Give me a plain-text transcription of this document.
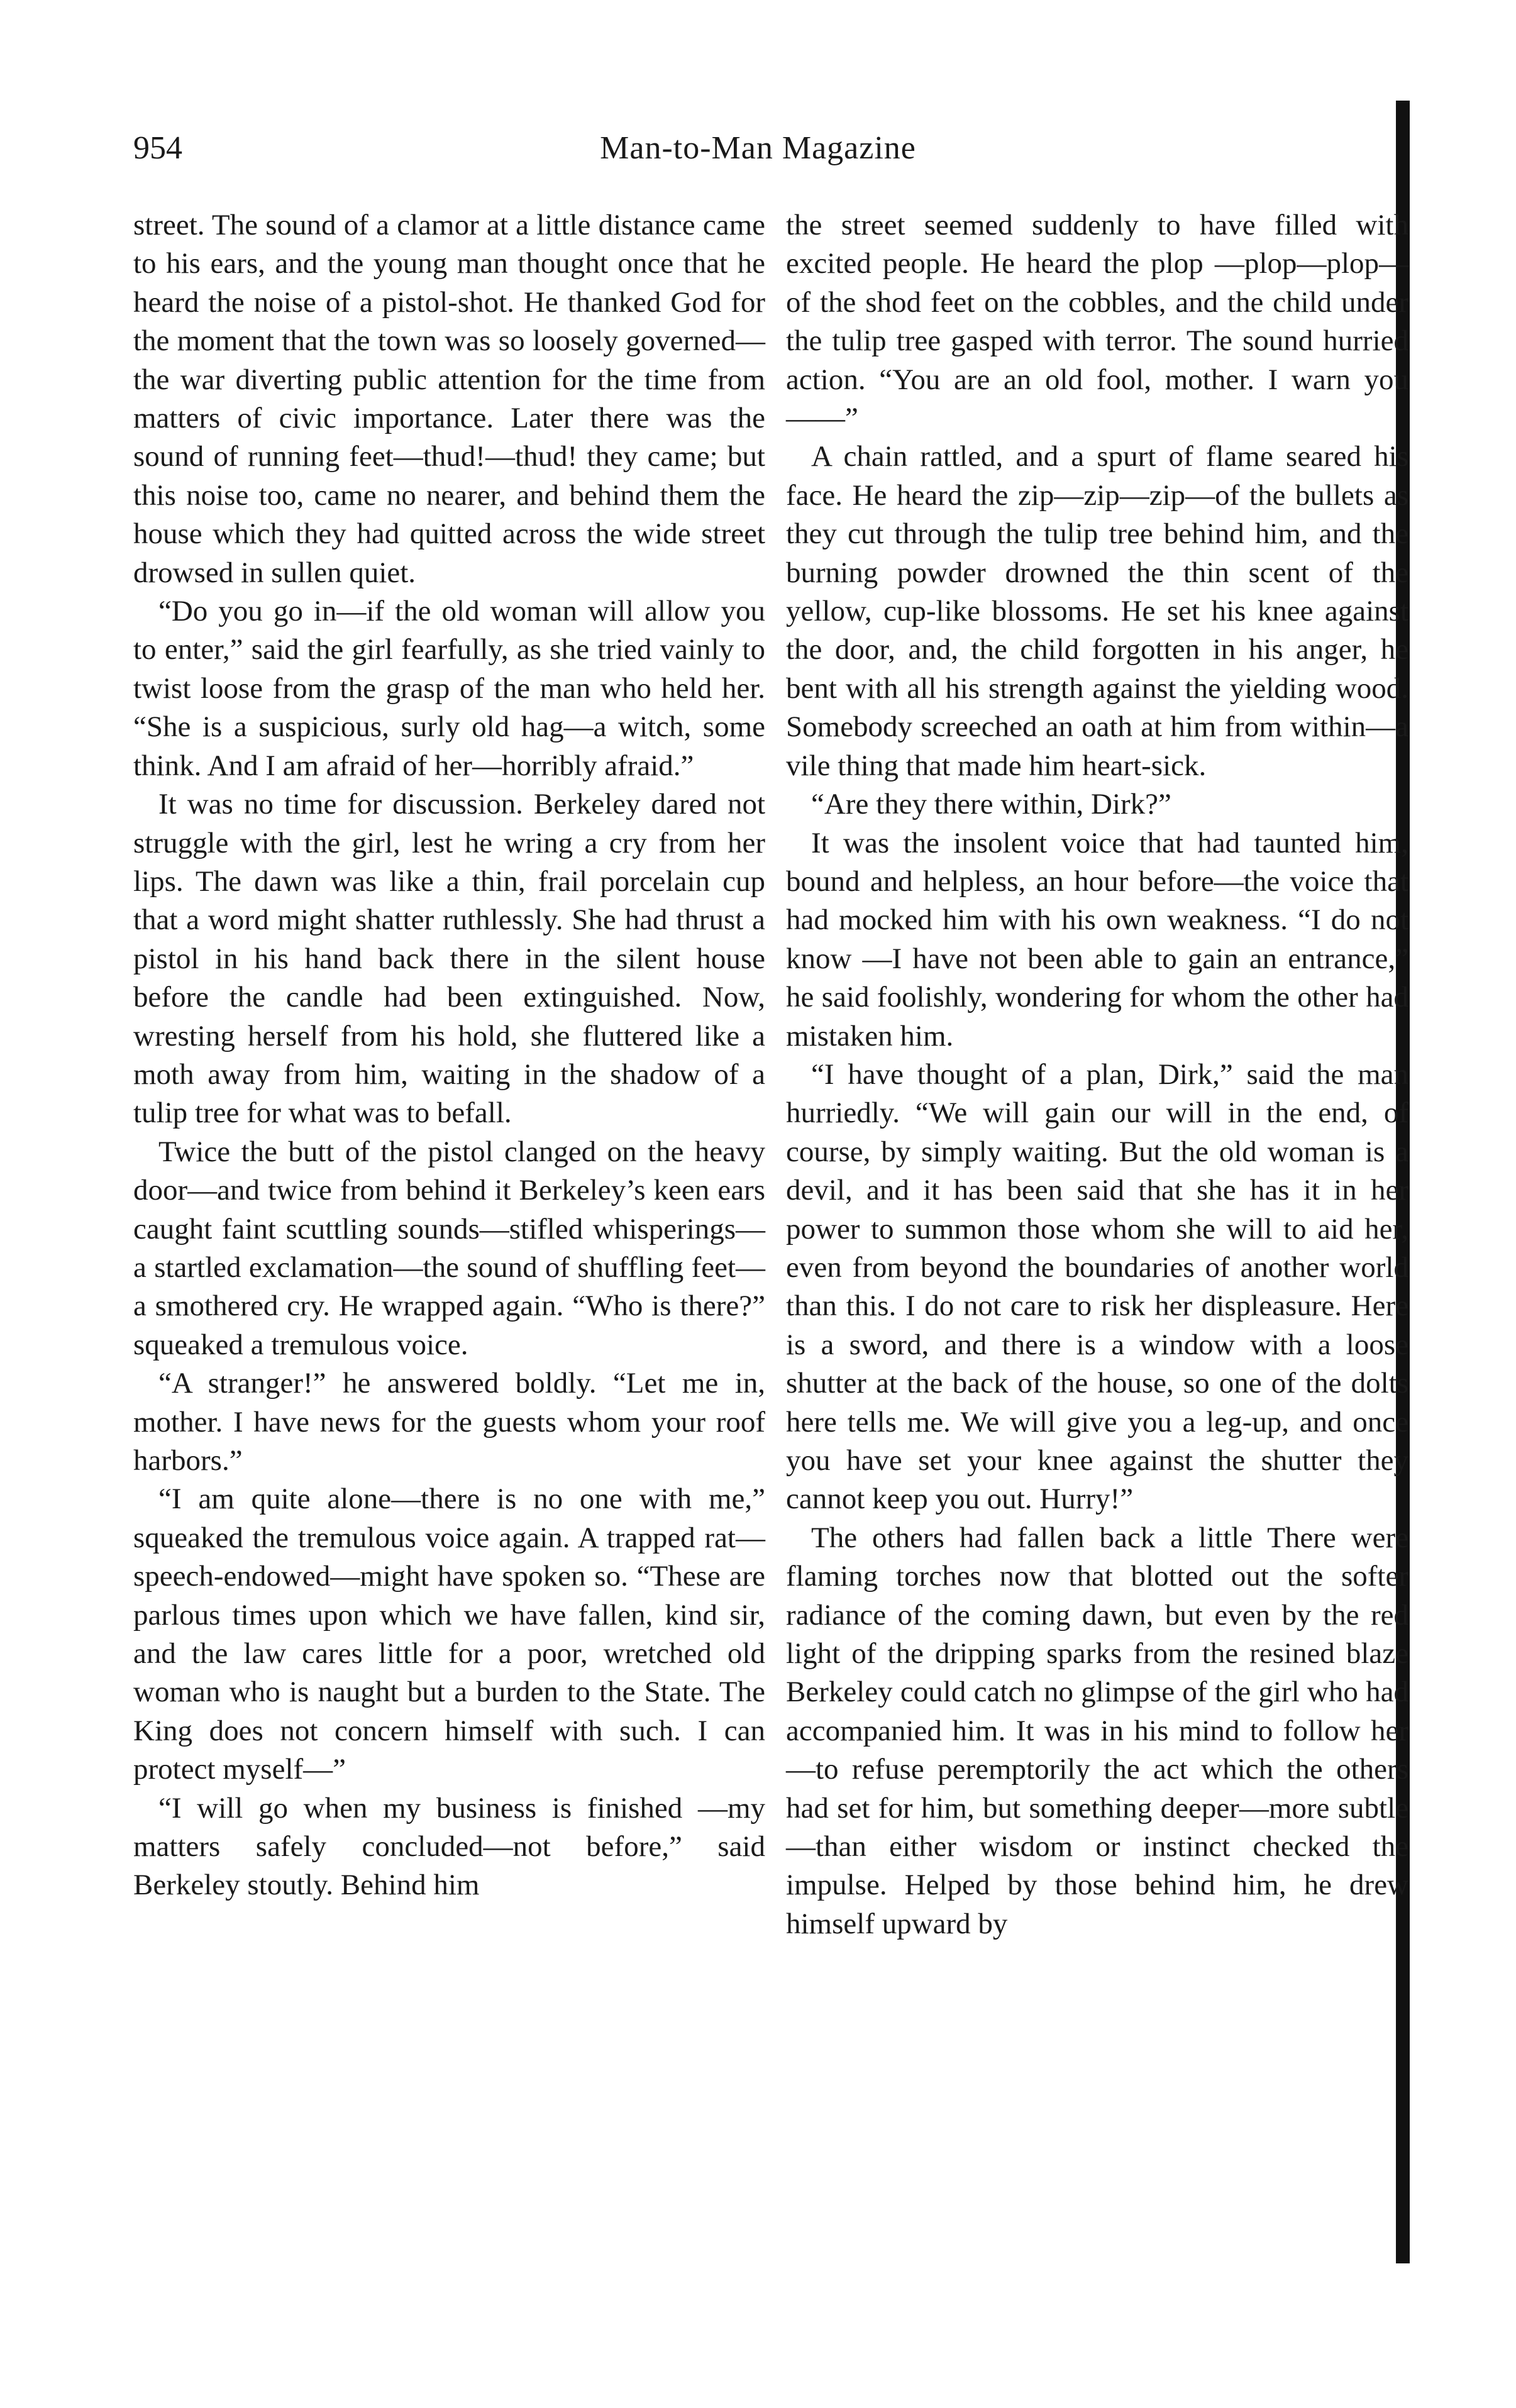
954	Man-to-Man Magazine

street. The sound of a clamor at a little distance came to his ears, and the young man thought once that he heard the noise of a pistol-shot. He thanked God for the moment that the town was so loosely governed—the war diverting public attention for the time from matters of civic importance. Later there was the sound of running feet—thud!—thud! they came; but this noise too, came no nearer, and behind them the house which they had quitted across the wide street drowsed in sullen quiet.

“Do you go in—if the old woman will allow you to enter,” said the girl fearfully, as she tried vainly to twist loose from the grasp of the man who held her. “She is a suspicious, surly old hag—a witch, some think. And I am afraid of her—horribly afraid.”

It was no time for discussion. Berkeley dared not struggle with the girl, lest he wring a cry from her lips. The dawn was like a thin, frail porcelain cup that a word might shatter ruthlessly. She had thrust a pistol in his hand back there in the silent house before the candle had been extinguished. Now, wresting herself from his hold, she fluttered like a moth away from him, waiting in the shadow of a tulip tree for what was to befall.

Twice the butt of the pistol clanged on the heavy door—and twice from behind it Berkeley’s keen ears caught faint scuttling sounds—stifled whisperings—a startled exclamation—the sound of shuffling feet—a smothered cry. He wrapped again. “Who is there?” squeaked a tremulous voice.

“A stranger!” he answered boldly. “Let me in, mother. I have news for the guests whom your roof harbors.”

“I am quite alone—there is no one with me,” squeaked the tremulous voice again. A trapped rat—speech-endowed—might have spoken so. “These are parlous times upon which we have fallen, kind sir, and the law cares little for a poor, wretched old woman who is naught but a burden to the State. The King does not concern himself with such. I can protect myself—”

“I will go when my business is finished —my matters safely concluded—not before,” said Berkeley stoutly. Behind him

the street seemed suddenly to have filled with excited people. He heard the plop —plop—plop—of the shod feet on the cobbles, and the child under the tulip tree gasped with terror. The sound hurried action. “You are an old fool, mother. I warn you——”

A chain rattled, and a spurt of flame seared his face. He heard the zip—zip—zip—of the bullets as they cut through the tulip tree behind him, and the burning powder drowned the thin scent of the yellow, cup-like blossoms. He set his knee against the door, and, the child forgotten in his anger, he bent with all his strength against the yielding wood. Somebody screeched an oath at him from within—a vile thing that made him heart-sick.

“Are they there within, Dirk?”

It was the insolent voice that had taunted him, bound and helpless, an hour before—the voice that had mocked him with his own weakness. “I do not know —I have not been able to gain an entrance,” he said foolishly, wondering for whom the other had mistaken him.

“I have thought of a plan, Dirk,” said the man hurriedly. “We will gain our will in the end, of course, by simply waiting. But the old woman is a devil, and it has been said that she has it in her power to summon those whom she will to aid her, even from beyond the boundaries of another world than this. I do not care to risk her displeasure. Here is a sword, and there is a window with a loose shutter at the back of the house, so one of the dolts here tells me. We will give you a leg-up, and once you have set your knee against the shutter they cannot keep you out. Hurry!”

The others had fallen back a little There were flaming torches now that blotted out the softer radiance of the coming dawn, but even by the red light of the dripping sparks from the resined blaze Berkeley could catch no glimpse of the girl who had accompanied him. It was in his mind to follow her—to refuse peremptorily the act which the others had set for him, but something deeper—more subtle—than either wisdom or instinct checked the impulse. Helped by those behind him, he drew himself upward by
